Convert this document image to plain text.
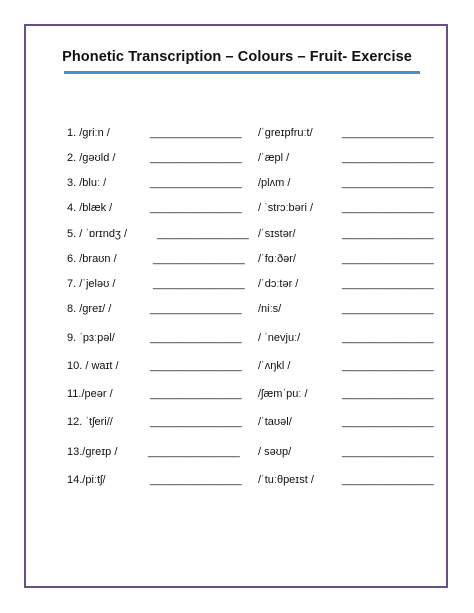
Phonetic Transcription – Colours – Fruit- Exercise
1. /griːn /	_______________ /ˈɡreɪpfruːt/	_______________
2. /ɡəʊld /	_______________ /ˈæpl /	_______________
3. /bluː /	_______________ /plʌm /	_______________
4. /blæk /	_______________ / ˈstrɔːbəri /	_______________
5. / ˈɒrɪndʒ /	_______________ /ˈsɪstər/	_______________
6. /braʊn /	_______________ /ˈfɑːðər/	_______________
7. /ˈjeləʊ /	_______________ /ˈdɔːtər /	_______________
8. /ɡreɪ/ /	_______________ /niːs/	_______________
9. ˈpɜːpəl/	_______________ / ˈnevjuː/	_______________
10. / waɪt /	_______________ /ˈʌŋkl /	_______________
11./peər /	_______________ /ʃæmˈpuː /	_______________
12. ˈtʃeri//	_______________ /ˈtaʊəl/	_______________
13./ɡreɪp /	_______________ / səʊp/	_______________
14./piːtʃ/	_______________ /ˈtuːθpeɪst /	_______________
